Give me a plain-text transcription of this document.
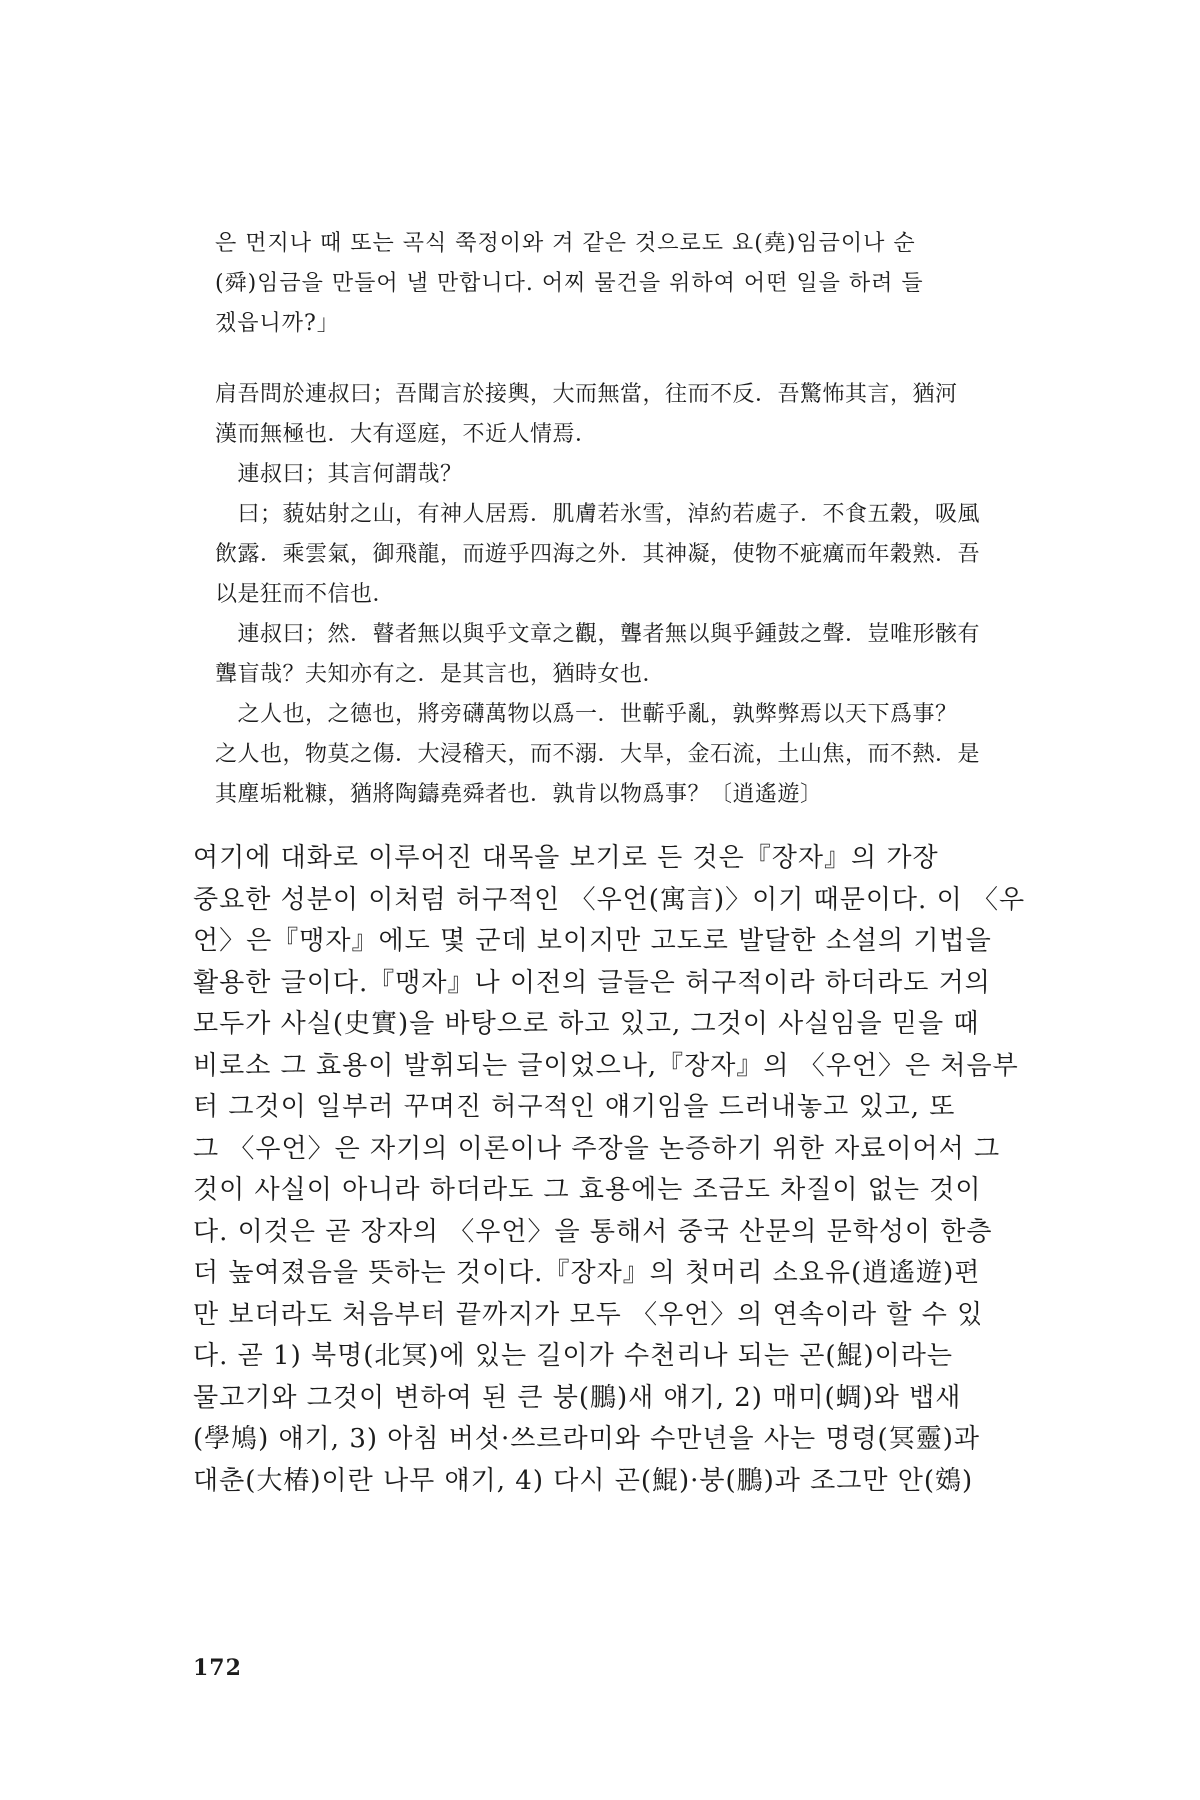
은 먼지나 때 또는 곡식 쭉정이와 겨 같은 것으로도 요(堯)임금이나 순
(舜)임금을 만들어 낼 만합니다. 어찌 물건을 위하여 어떤 일을 하려 들
겠읍니까?」
肩吾問於連叔曰；吾聞言於接輿，大而無當，往而不反．吾驚怖其言，猶河
漢而無極也．大有逕庭，不近人情焉．
　連叔曰；其言何謂哉？
　曰；藐姑射之山，有神人居焉．肌膚若氷雪，淖約若處子．不食五穀，吸風
飲露．乘雲氣，御飛龍，而遊乎四海之外．其神凝，使物不疵癘而年穀熟．吾
以是狂而不信也．
　連叔曰；然．瞽者無以與乎文章之觀，聾者無以與乎鍾鼓之聲．豈唯形骸有
聾盲哉？夫知亦有之．是其言也，猶時女也．
　之人也，之德也，將旁礴萬物以爲一．世蘄乎亂，孰弊弊焉以天下爲事？
之人也，物莫之傷．大浸稽天，而不溺．大旱，金石流，土山焦，而不熱．是
其塵垢粃糠，猶將陶鑄堯舜者也．孰肯以物爲事？〔逍遙遊〕
여기에 대화로 이루어진 대목을 보기로 든 것은『장자』의 가장
중요한 성분이 이처럼 허구적인 〈우언(寓言)〉이기 때문이다. 이 〈우
언〉은『맹자』에도 몇 군데 보이지만 고도로 발달한 소설의 기법을
활용한 글이다.『맹자』나 이전의 글들은 허구적이라 하더라도 거의
모두가 사실(史實)을 바탕으로 하고 있고, 그것이 사실임을 믿을 때
비로소 그 효용이 발휘되는 글이었으나,『장자』의 〈우언〉은 처음부
터 그것이 일부러 꾸며진 허구적인 얘기임을 드러내놓고 있고, 또
그 〈우언〉은 자기의 이론이나 주장을 논증하기 위한 자료이어서 그
것이 사실이 아니라 하더라도 그 효용에는 조금도 차질이 없는 것이
다. 이것은 곧 장자의 〈우언〉을 통해서 중국 산문의 문학성이 한층
더 높여졌음을 뜻하는 것이다.『장자』의 첫머리 소요유(逍遙遊)편
만 보더라도 처음부터 끝까지가 모두 〈우언〉의 연속이라 할 수 있
다. 곧 1) 북명(北冥)에 있는 길이가 수천리나 되는 곤(鯤)이라는
물고기와 그것이 변하여 된 큰 붕(鵬)새 얘기, 2) 매미(蜩)와 뱁새
(學鳩) 얘기, 3) 아침 버섯·쓰르라미와 수만년을 사는 명령(冥靈)과
대춘(大椿)이란 나무 얘기, 4) 다시 곤(鯤)·붕(鵬)과 조그만 안(鴳)
172
